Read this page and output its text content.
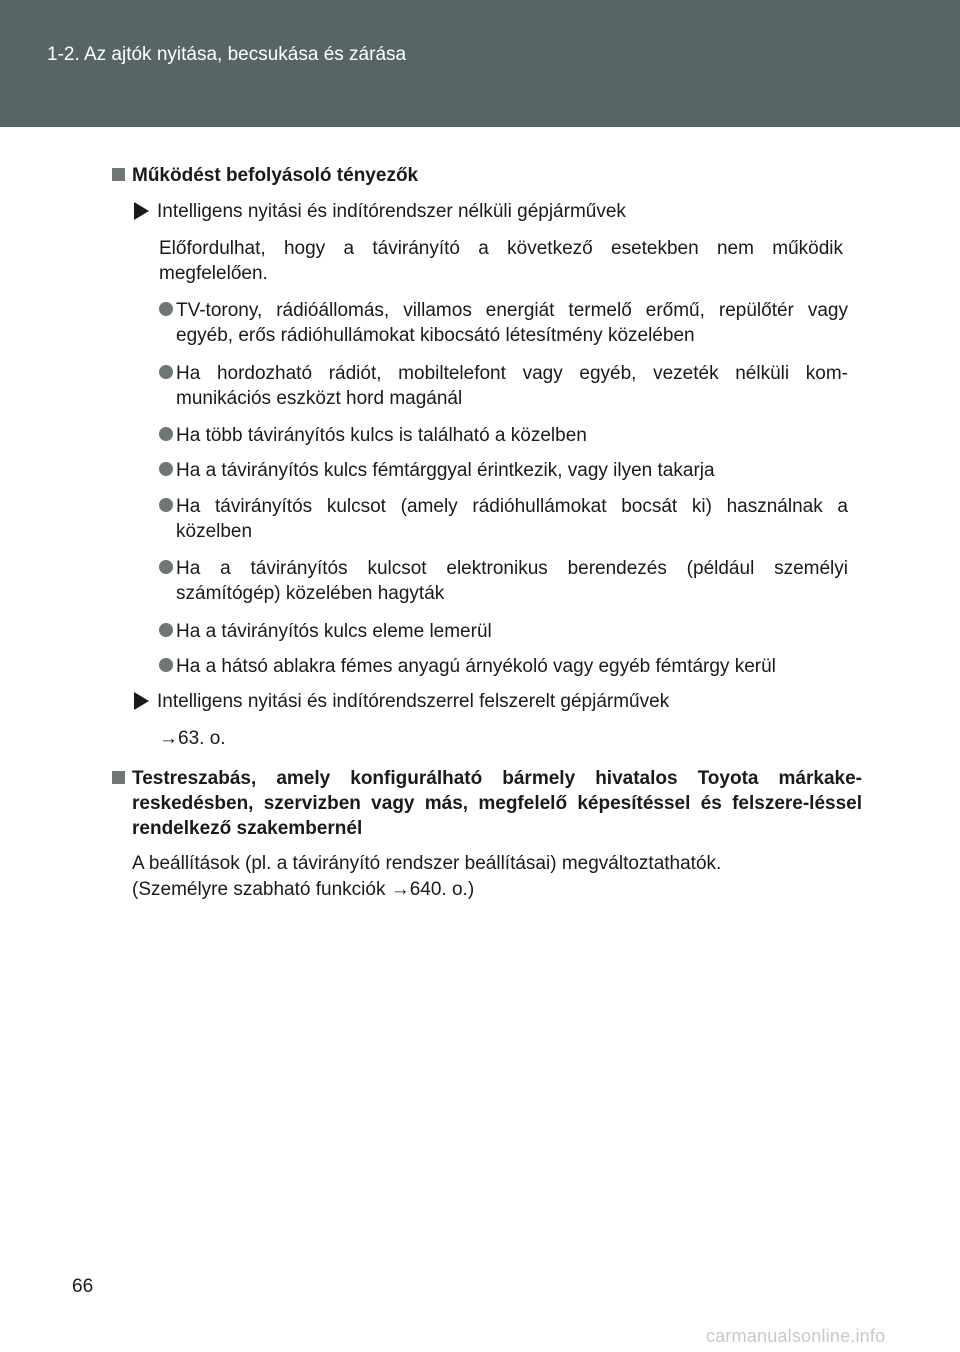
1-2. Az ajtók nyitása, becsukása és zárása
Működést befolyásoló tényezők
Intelligens nyitási és indítórendszer nélküli gépjárművek
Előfordulhat, hogy a távirányító a következő esetekben nem működik megfelelően.
TV-torony, rádióállomás, villamos energiát termelő erőmű, repülőtér vagy egyéb, erős rádióhullámokat kibocsátó létesítmény közelében
Ha hordozható rádiót, mobiltelefont vagy egyéb, vezeték nélküli kom-munikációs eszközt hord magánál
Ha több távirányítós kulcs is található a közelben
Ha a távirányítós kulcs fémtárggyal érintkezik, vagy ilyen takarja
Ha távirányítós kulcsot (amely rádióhullámokat bocsát ki) használnak a közelben
Ha a távirányítós kulcsot elektronikus berendezés (például személyi számítógép) közelében hagyták
Ha a távirányítós kulcs eleme lemerül
Ha a hátsó ablakra fémes anyagú árnyékoló vagy egyéb fémtárgy kerül
Intelligens nyitási és indítórendszerrel felszerelt gépjárművek
→63. o.
Testreszabás, amely konfigurálható bármely hivatalos Toyota márkake-reskedésben, szervizben vagy más, megfelelő képesítéssel és felszere-léssel rendelkező szakembernél
A beállítások (pl. a távirányító rendszer beállításai) megváltoztathatók.
(Személyre szabható funkciók →640. o.)
66
carmanualsonline.info
